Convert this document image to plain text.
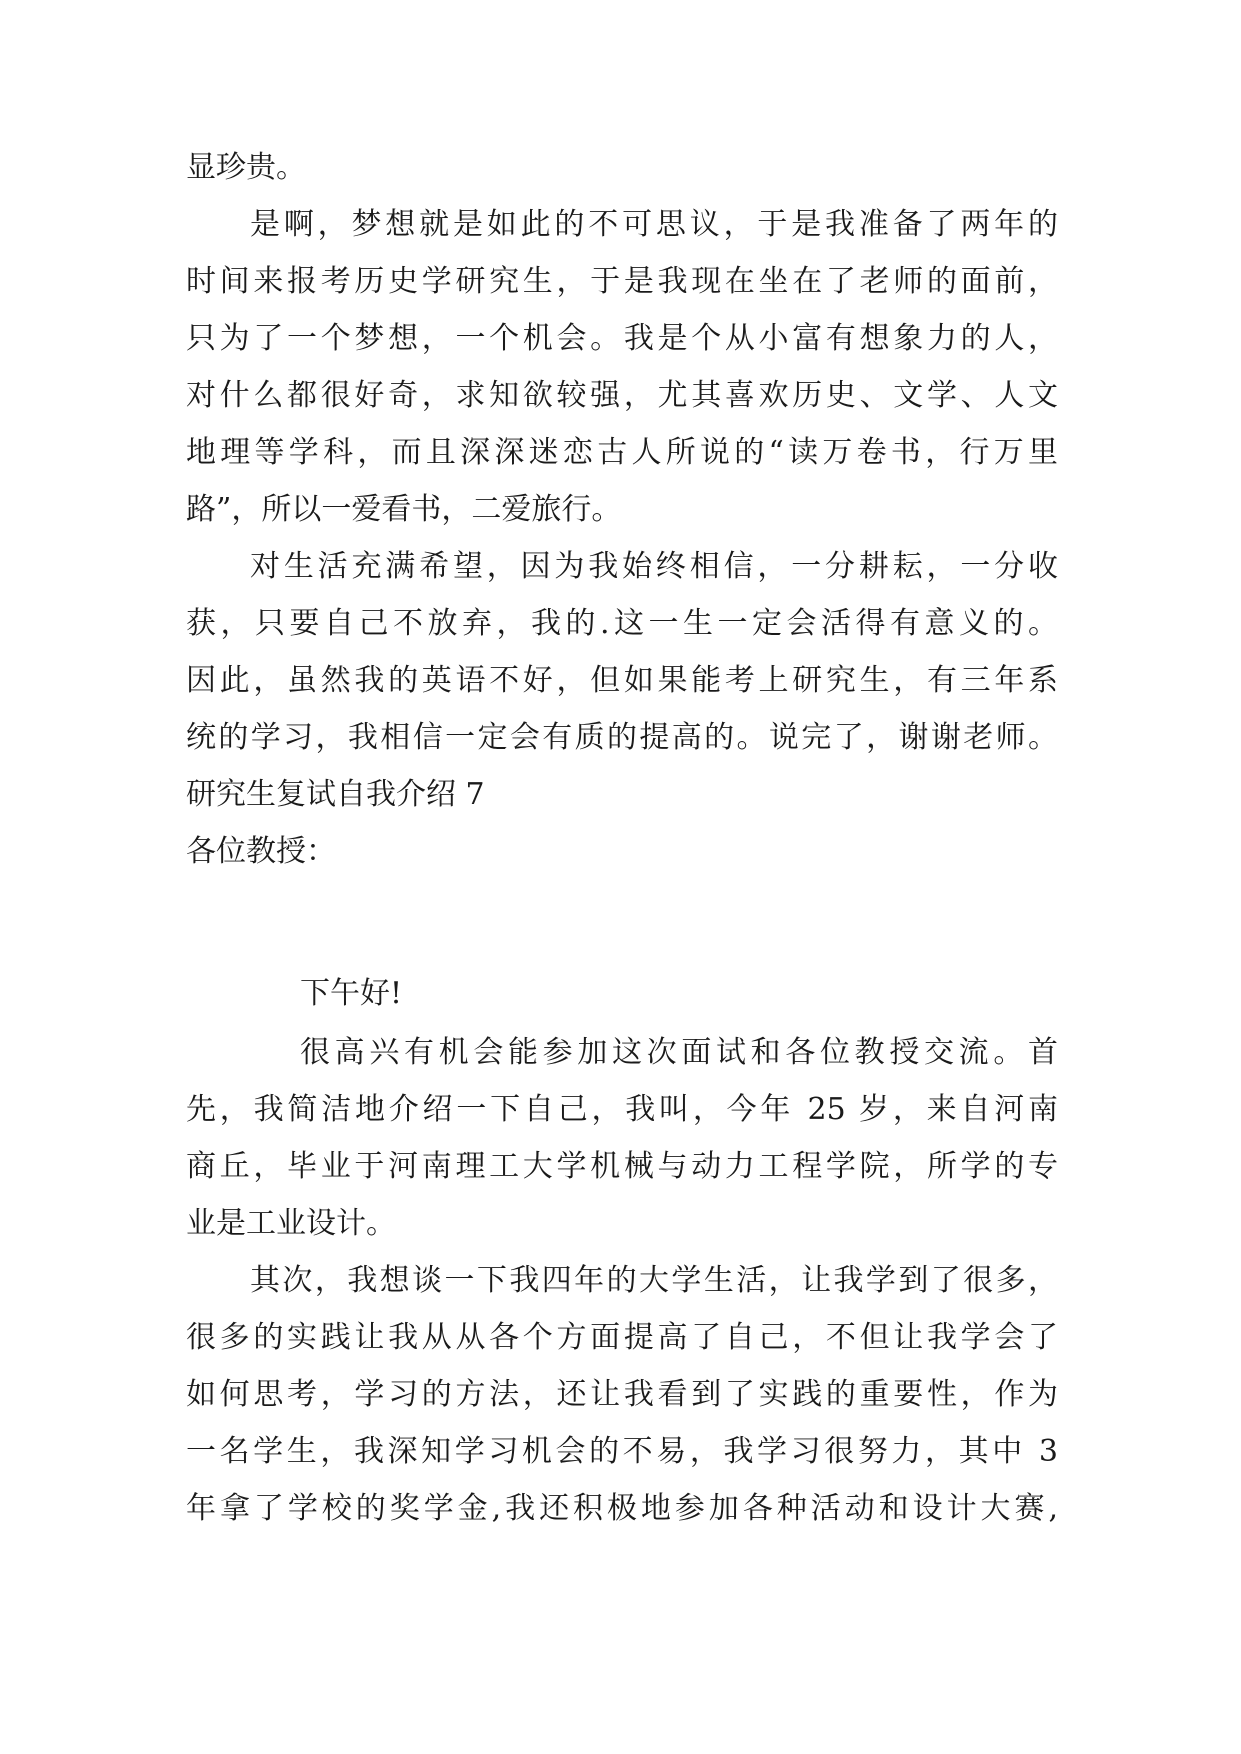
显珍贵。
是啊，梦想就是如此的不可思议，于是我准备了两年的
时间来报考历史学研究生，于是我现在坐在了老师的面前，
只为了一个梦想，一个机会。我是个从小富有想象力的人，
对什么都很好奇，求知欲较强，尤其喜欢历史、文学、人文
地理等学科，而且深深迷恋古人所说的“读万卷书，行万里
路”，所以一爱看书，二爱旅行。
对生活充满希望，因为我始终相信，一分耕耘，一分收
获，只要自己不放弃，我的.这一生一定会活得有意义的。
因此，虽然我的英语不好，但如果能考上研究生，有三年系
统的学习，我相信一定会有质的提高的。说完了，谢谢老师。
研究生复试自我介绍 7
各位教授：
下午好!
很高兴有机会能参加这次面试和各位教授交流。首
先，我简洁地介绍一下自己，我叫，今年 25 岁，来自河南
商丘，毕业于河南理工大学机械与动力工程学院，所学的专
业是工业设计。
其次，我想谈一下我四年的大学生活，让我学到了很多，
很多的实践让我从从各个方面提高了自己，不但让我学会了
如何思考，学习的方法，还让我看到了实践的重要性，作为
一名学生，我深知学习机会的不易，我学习很努力，其中 3
年拿了学校的奖学金,我还积极地参加各种活动和设计大赛,
